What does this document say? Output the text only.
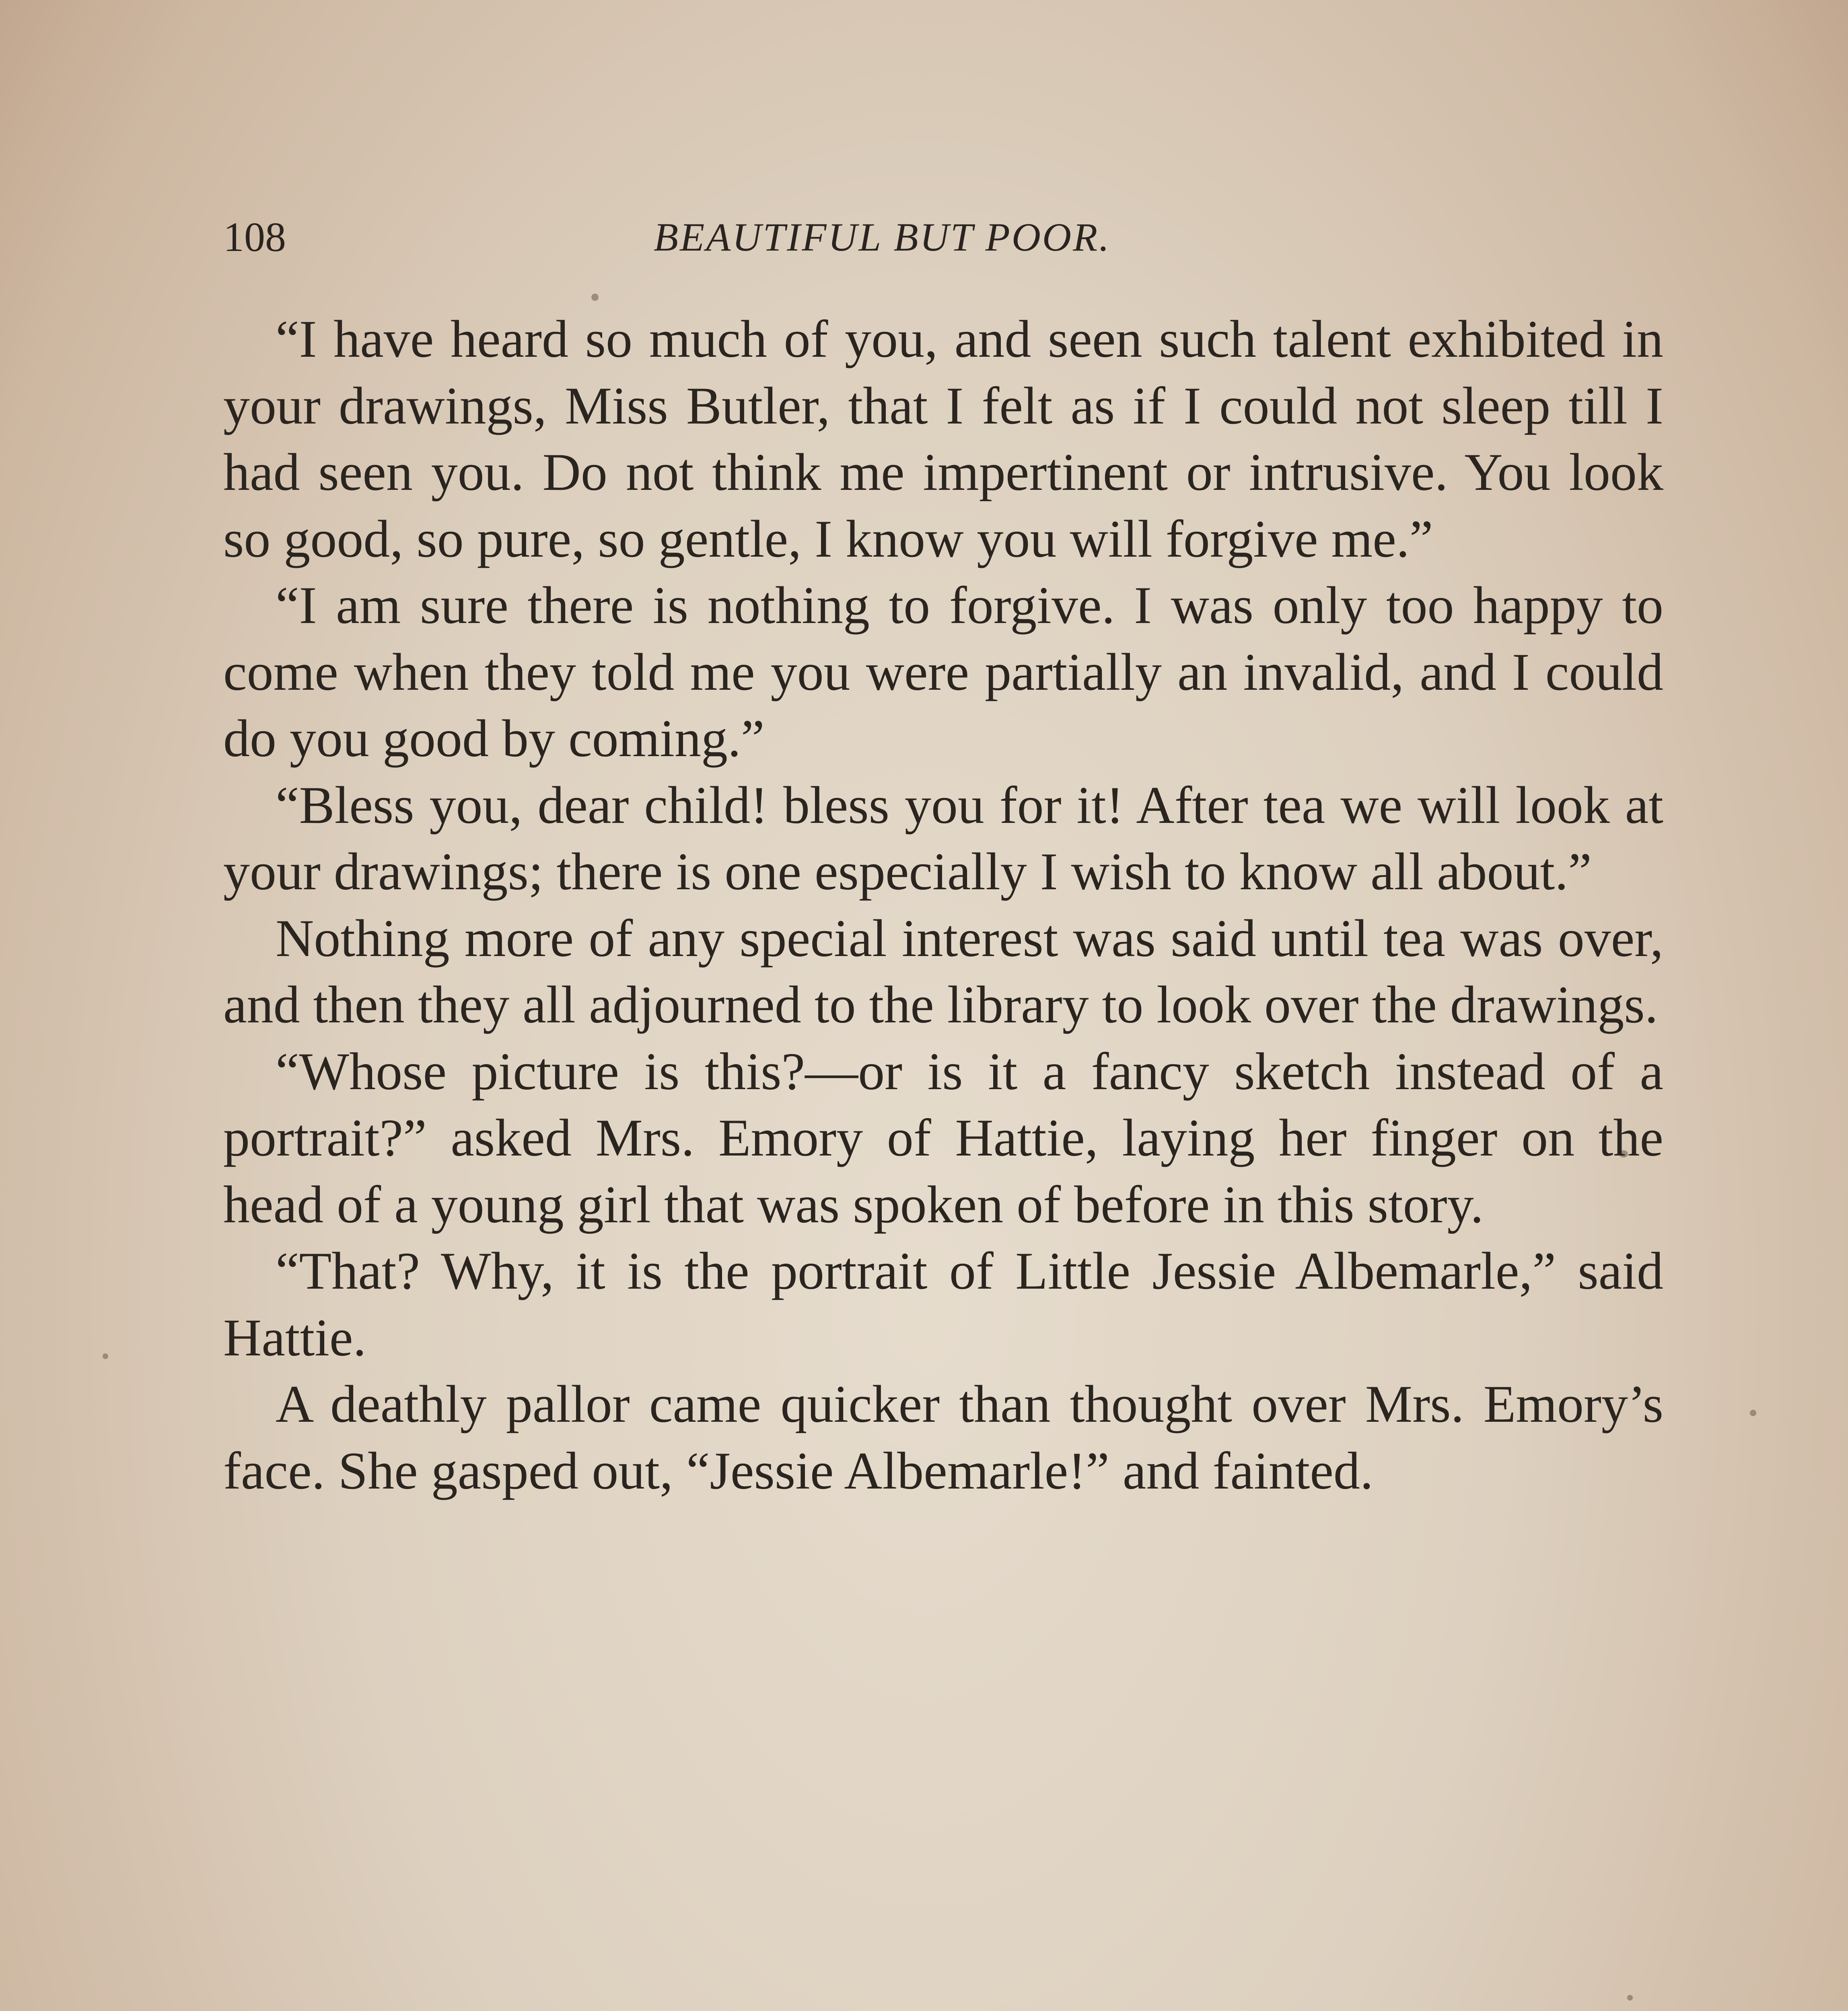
108	BEAUTIFUL BUT POOR.

“I have heard so much of you, and seen such talent exhibited in your drawings, Miss Butler, that I felt as if I could not sleep till I had seen you. Do not think me impertinent or intrusive. You look so good, so pure, so gentle, I know you will forgive me.”

“I am sure there is nothing to forgive. I was only too happy to come when they told me you were partially an invalid, and I could do you good by coming.”

“Bless you, dear child! bless you for it! After tea we will look at your drawings; there is one especially I wish to know all about.”

Nothing more of any special interest was said until tea was over, and then they all adjourned to the library to look over the drawings.

“Whose picture is this?—or is it a fancy sketch instead of a portrait?” asked Mrs. Emory of Hattie, laying her finger on the head of a young girl that was spoken of before in this story.

“That? Why, it is the portrait of Little Jessie Albemarle,” said Hattie.

A deathly pallor came quicker than thought over Mrs. Emory’s face. She gasped out, “Jessie Albemarle!” and fainted.
